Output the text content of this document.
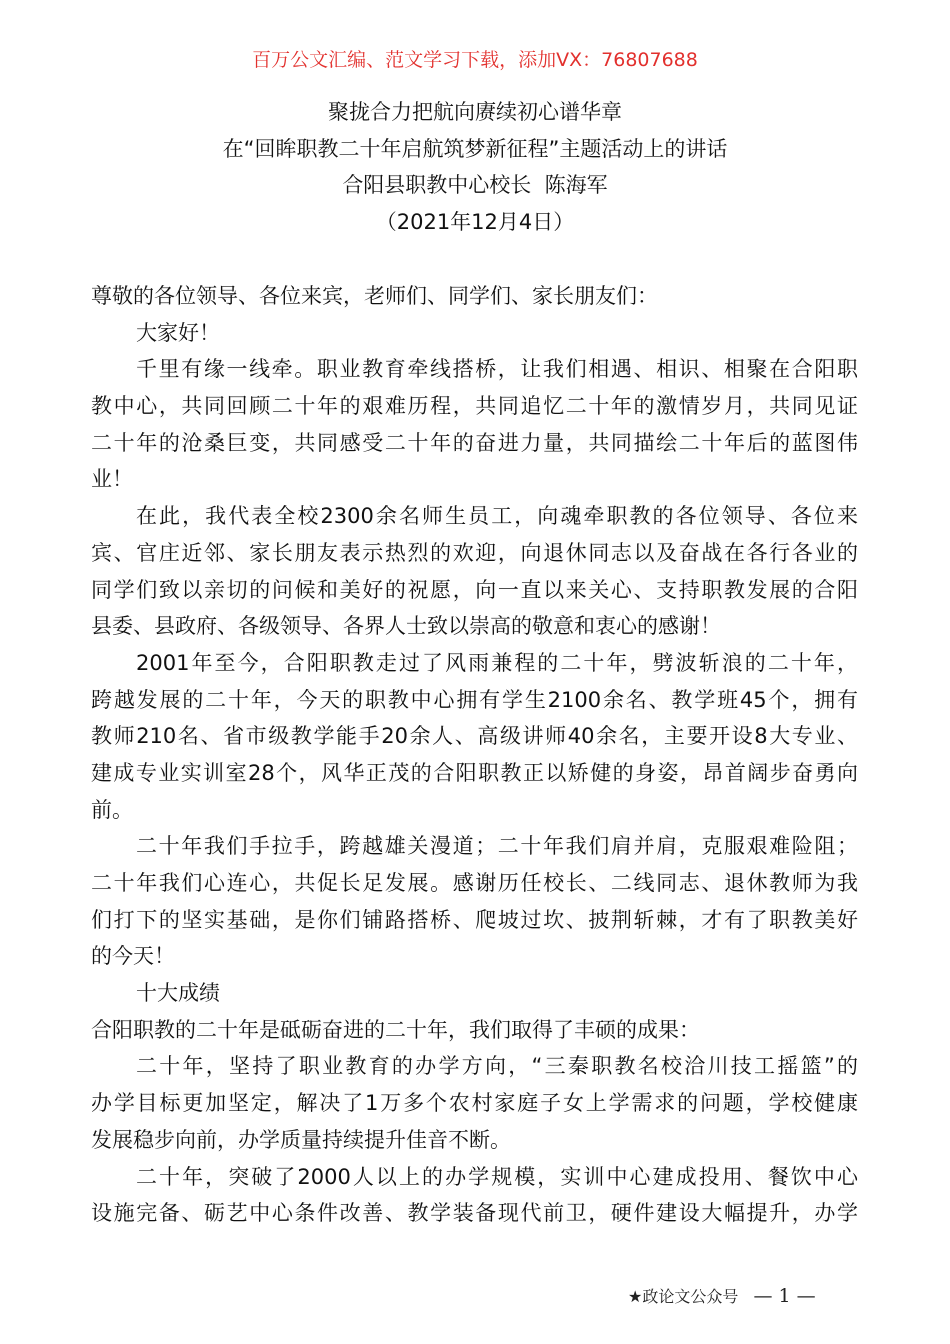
百万公文汇编、范文学习下载，添加VX：76807688
聚拢合力把航向赓续初心谱华章
在“回眸职教二十年启航筑梦新征程”主题活动上的讲话
合阳县职教中心校长  陈海军
（2021年12月4日）
尊敬的各位领导、各位来宾，老师们、同学们、家长朋友们：
大家好！
千里有缘一线牵。职业教育牵线搭桥，让我们相遇、相识、相聚在合阳职
教中心，共同回顾二十年的艰难历程，共同追忆二十年的激情岁月，共同见证
二十年的沧桑巨变，共同感受二十年的奋进力量，共同描绘二十年后的蓝图伟
业！
在此，我代表全校2300余名师生员工，向魂牵职教的各位领导、各位来
宾、官庄近邻、家长朋友表示热烈的欢迎，向退休同志以及奋战在各行各业的
同学们致以亲切的问候和美好的祝愿，向一直以来关心、支持职教发展的合阳
县委、县政府、各级领导、各界人士致以崇高的敬意和衷心的感谢！
2001年至今，合阳职教走过了风雨兼程的二十年，劈波斩浪的二十年，
跨越发展的二十年，今天的职教中心拥有学生2100余名、教学班45个，拥有
教师210名、省市级教学能手20余人、高级讲师40余名，主要开设8大专业、
建成专业实训室28个，风华正茂的合阳职教正以矫健的身姿，昂首阔步奋勇向
前。
二十年我们手拉手，跨越雄关漫道；二十年我们肩并肩，克服艰难险阻；
二十年我们心连心，共促长足发展。感谢历任校长、二线同志、退休教师为我
们打下的坚实基础，是你们铺路搭桥、爬坡过坎、披荆斩棘，才有了职教美好
的今天！
十大成绩
合阳职教的二十年是砥砺奋进的二十年，我们取得了丰硕的成果：
二十年，坚持了职业教育的办学方向，“三秦职教名校洽川技工摇篮”的
办学目标更加坚定，解决了1万多个农村家庭子女上学需求的问题，学校健康
发展稳步向前，办学质量持续提升佳音不断。
二十年，突破了2000人以上的办学规模，实训中心建成投用、餐饮中心
设施完备、砺艺中心条件改善、教学装备现代前卫，硬件建设大幅提升，办学
★政论文公众号 — 1 —
